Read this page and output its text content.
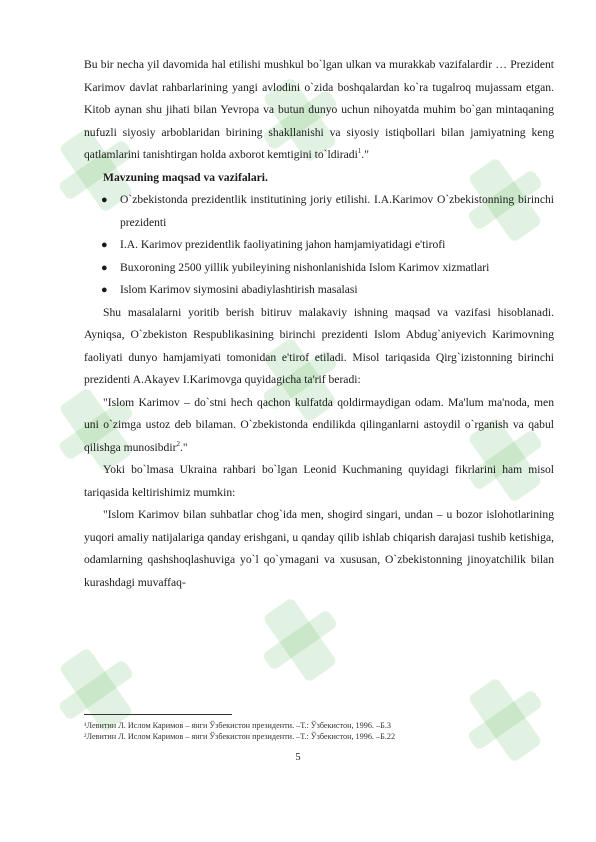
Bu bir necha yil davomida hal etilishi mushkul bo`lgan ulkan va murakkab vazifalardir … Prezident Karimov davlat rahbarlarining yangi avlodini o`zida boshqalardan ko`ra tugalroq mujassam etgan. Kitob aynan shu jihati bilan Yevropa va butun dunyo uchun nihoyatda muhim bo`gan mintaqaning nufuzli siyosiy arboblaridan birining shakllanishi va siyosiy istiqbollari bilan jamiyatning keng qatlamlarini tanishtirgan holda axborot kemtigini to`ldiradi$^1$."

Mavzuning maqsad va vazifalari.

● O`zbekistonda prezidentlik institutining joriy etilishi. I.A.Karimov O`zbekistonning birinchi prezidenti
● I.A. Karimov prezidentlik faoliyatining jahon hamjamiyatidagi e'tirofi
● Buxoroning 2500 yillik yubileyining nishonlanishida Islom Karimov xizmatlari
● Islom Karimov siymosini abadiylashtirish masalasi

Shu masalalarni yoritib berish bitiruv malakaviy ishning maqsad va vazifasi hisoblanadi. Ayniqsa, O`zbekiston Respublikasining birinchi prezidenti Islom Abdug`aniyevich Karimovning faoliyati dunyo hamjamiyati tomonidan e'tirof etiladi. Misol tariqasida Qirg`izistonning birinchi prezidenti A.Akayev I.Karimovga quyidagicha ta'rif beradi:

"Islom Karimov – do`stni hech qachon kulfatda qoldirmaydigan odam. Ma'lum ma'noda, men uni o`zimga ustoz deb bilaman. O`zbekistonda endilikda qilinganlarni astoydil o`rganish va qabul qilishga munosibdir$^2$."

Yoki bo`lmasa Ukraina rahbari bo`lgan Leonid Kuchmaning quyidagi fikrlarini ham misol tariqasida keltirishimiz mumkin:

"Islom Karimov bilan suhbatlar chog`ida men, shogird singari, undan – u bozor islohotlarining yuqori amaliy natijalariga qanday erishgani, u qanday qilib ishlab chiqarish darajasi tushib ketishiga, odamlarning qashshoqlashuviga yo`l qo`ymagani va xususan, O`zbekistonning jinoyatchilik bilan kurashdagi muvaffaq-

¹Левитин Л. Ислом Каримов – янги Ўзбекистон президенти. –Т.: Ўзбекистон, 1996. –Б.3
²Левитин Л. Ислом Каримов – янги Ўзбекистон президенти. –Т.: Ўзбекистон, 1996. –Б.22
5
